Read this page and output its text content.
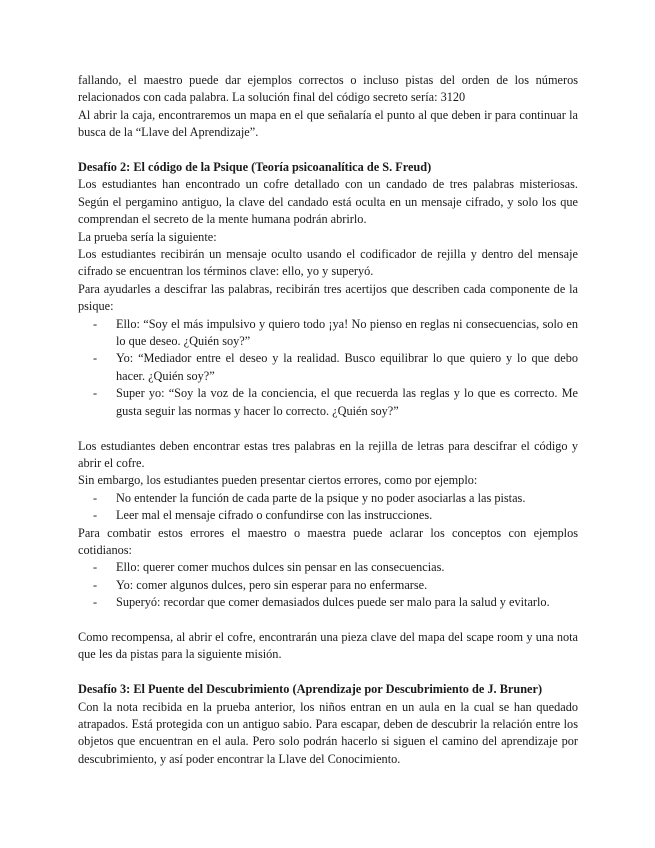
fallando, el maestro puede dar ejemplos correctos o incluso pistas del orden de los números relacionados con cada palabra. La solución final del código secreto sería: 3120

Al abrir la caja, encontraremos un mapa en el que señalaría el punto al que deben ir para continuar la busca de la “Llave del Aprendizaje”.

Desafío 2: El código de la Psique (Teoría psicoanalítica de S. Freud)

Los estudiantes han encontrado un cofre detallado con un candado de tres palabras misteriosas. Según el pergamino antiguo, la clave del candado está oculta en un mensaje cifrado, y solo los que comprendan el secreto de la mente humana podrán abrirlo.

La prueba sería la siguiente:

Los estudiantes recibirán un mensaje oculto usando el codificador de rejilla y dentro del mensaje cifrado se encuentran los términos clave: ello, yo y superyó.

Para ayudarles a descifrar las palabras, recibirán tres acertijos que describen cada componente de la psique:

- Ello: “Soy el más impulsivo y quiero todo ¡ya! No pienso en reglas ni consecuencias, solo en lo que deseo. ¿Quién soy?”
- Yo: “Mediador entre el deseo y la realidad. Busco equilibrar lo que quiero y lo que debo hacer. ¿Quién soy?”
- Super yo: “Soy la voz de la conciencia, el que recuerda las reglas y lo que es correcto. Me gusta seguir las normas y hacer lo correcto. ¿Quién soy?”

Los estudiantes deben encontrar estas tres palabras en la rejilla de letras para descifrar el código y abrir el cofre.

Sin embargo, los estudiantes pueden presentar ciertos errores, como por ejemplo:

- No entender la función de cada parte de la psique y no poder asociarlas a las pistas.
- Leer mal el mensaje cifrado o confundirse con las instrucciones.

Para combatir estos errores el maestro o maestra puede aclarar los conceptos con ejemplos cotidianos:

- Ello: querer comer muchos dulces sin pensar en las consecuencias.
- Yo: comer algunos dulces, pero sin esperar para no enfermarse.
- Superyó: recordar que comer demasiados dulces puede ser malo para la salud y evitarlo.

Como recompensa, al abrir el cofre, encontrarán una pieza clave del mapa del scape room y una nota que les da pistas para la siguiente misión.

Desafío 3: El Puente del Descubrimiento (Aprendizaje por Descubrimiento de J. Bruner)

Con la nota recibida en la prueba anterior, los niños entran en un aula en la cual se han quedado atrapados. Está protegida con un antiguo sabio. Para escapar, deben de descubrir la relación entre los objetos que encuentran en el aula. Pero solo podrán hacerlo si siguen el camino del aprendizaje por descubrimiento, y así poder encontrar la Llave del Conocimiento.
